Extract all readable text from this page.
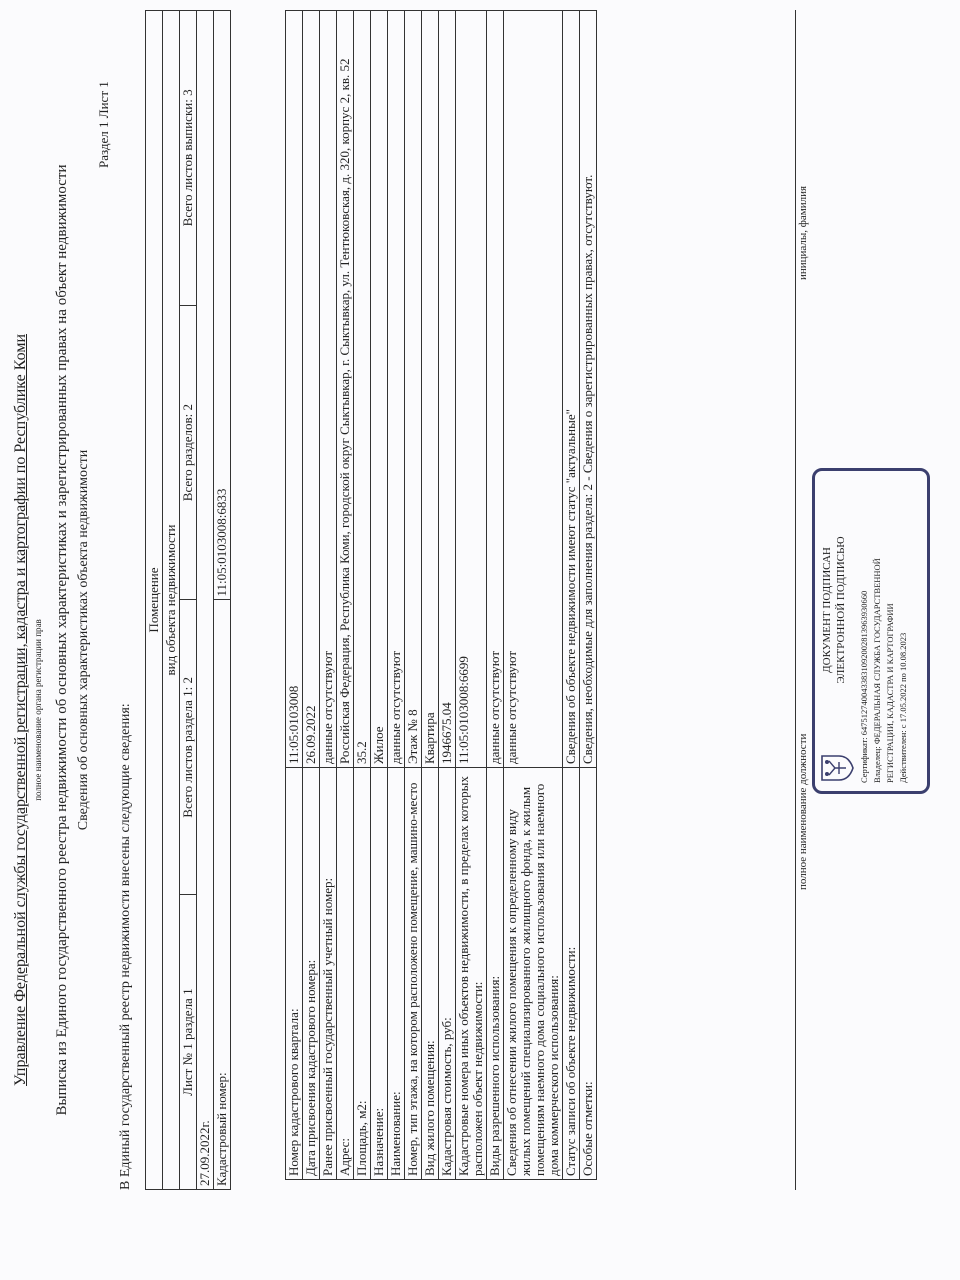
Управление Федеральной службы государственной регистрации, кадастра и картографии по Республике Коми полное наименование органа регистрации прав Выписка из Единого государственного реестра недвижимости об основных характеристиках и зарегистрированных правах на объект недвижимости Сведения об основных характеристиках объекта недвижимости
Раздел 1 Лист 1
В Единый государственный реестр недвижимости внесены следующие сведения:
Помещение			
вид объекта недвижимости			
Лист № 1 раздела 1	Всего листов раздела 1: 2	Всего разделов: 2	Всего листов выписки: 3
27.09.2022г.			
Кадастровый номер:		11:05:0103008:6833	
Номер кадастрового квартала:	11:05:0103008
Дата присвоения кадастрового номера:	26.09.2022
Ранее присвоенный государственный учетный номер:	данные отсутствуют
Адрес:	Российская Федерация, Республика Коми, городской округ Сыктывкар, г. Сыктывкар, ул. Тентюковская, д. 320, корпус 2, кв. 52
Площадь, м2:	35.2
Назначение:	Жилое
Наименование:	данные отсутствуют
Номер, тип этажа, на котором расположено помещение, машино-место	Этаж № 8
Вид жилого помещения:	Квартира
Кадастровая стоимость, руб:	1946675.04
Кадастровые номера иных объектов недвижимости, в пределах которых расположен объект недвижимости:	11:05:0103008:6699
Виды разрешенного использования:	данные отсутствуют
Сведения об отнесении жилого помещения к определенному виду жилых помещений специализированного жилищного фонда, к жилым помещениям наемного дома социального использования или наемного дома коммерческого использования:	данные отсутствуют
Статус записи об объекте недвижимости:	Сведения об объекте недвижимости имеют статус "актуальные"
Особые отметки:	Сведения, необходимые для заполнения раздела: 2 - Сведения о зарегистрированных правах, отсутствуют.
полное наименование должности
инициалы, фамилия
ДОКУМЕНТ ПОДПИСАН ЭЛЕКТРОННОЙ ПОДПИСЬЮ Сертификат: 6475127400433831092002813963930660 Владелец: ФЕДЕРАЛЬНАЯ СЛУЖБА ГОСУДАРСТВЕННОЙ РЕГИСТРАЦИИ, КАДАСТРА И КАРТОГРАФИИ Действителен: с 17.05.2022 по 10.08.2023
